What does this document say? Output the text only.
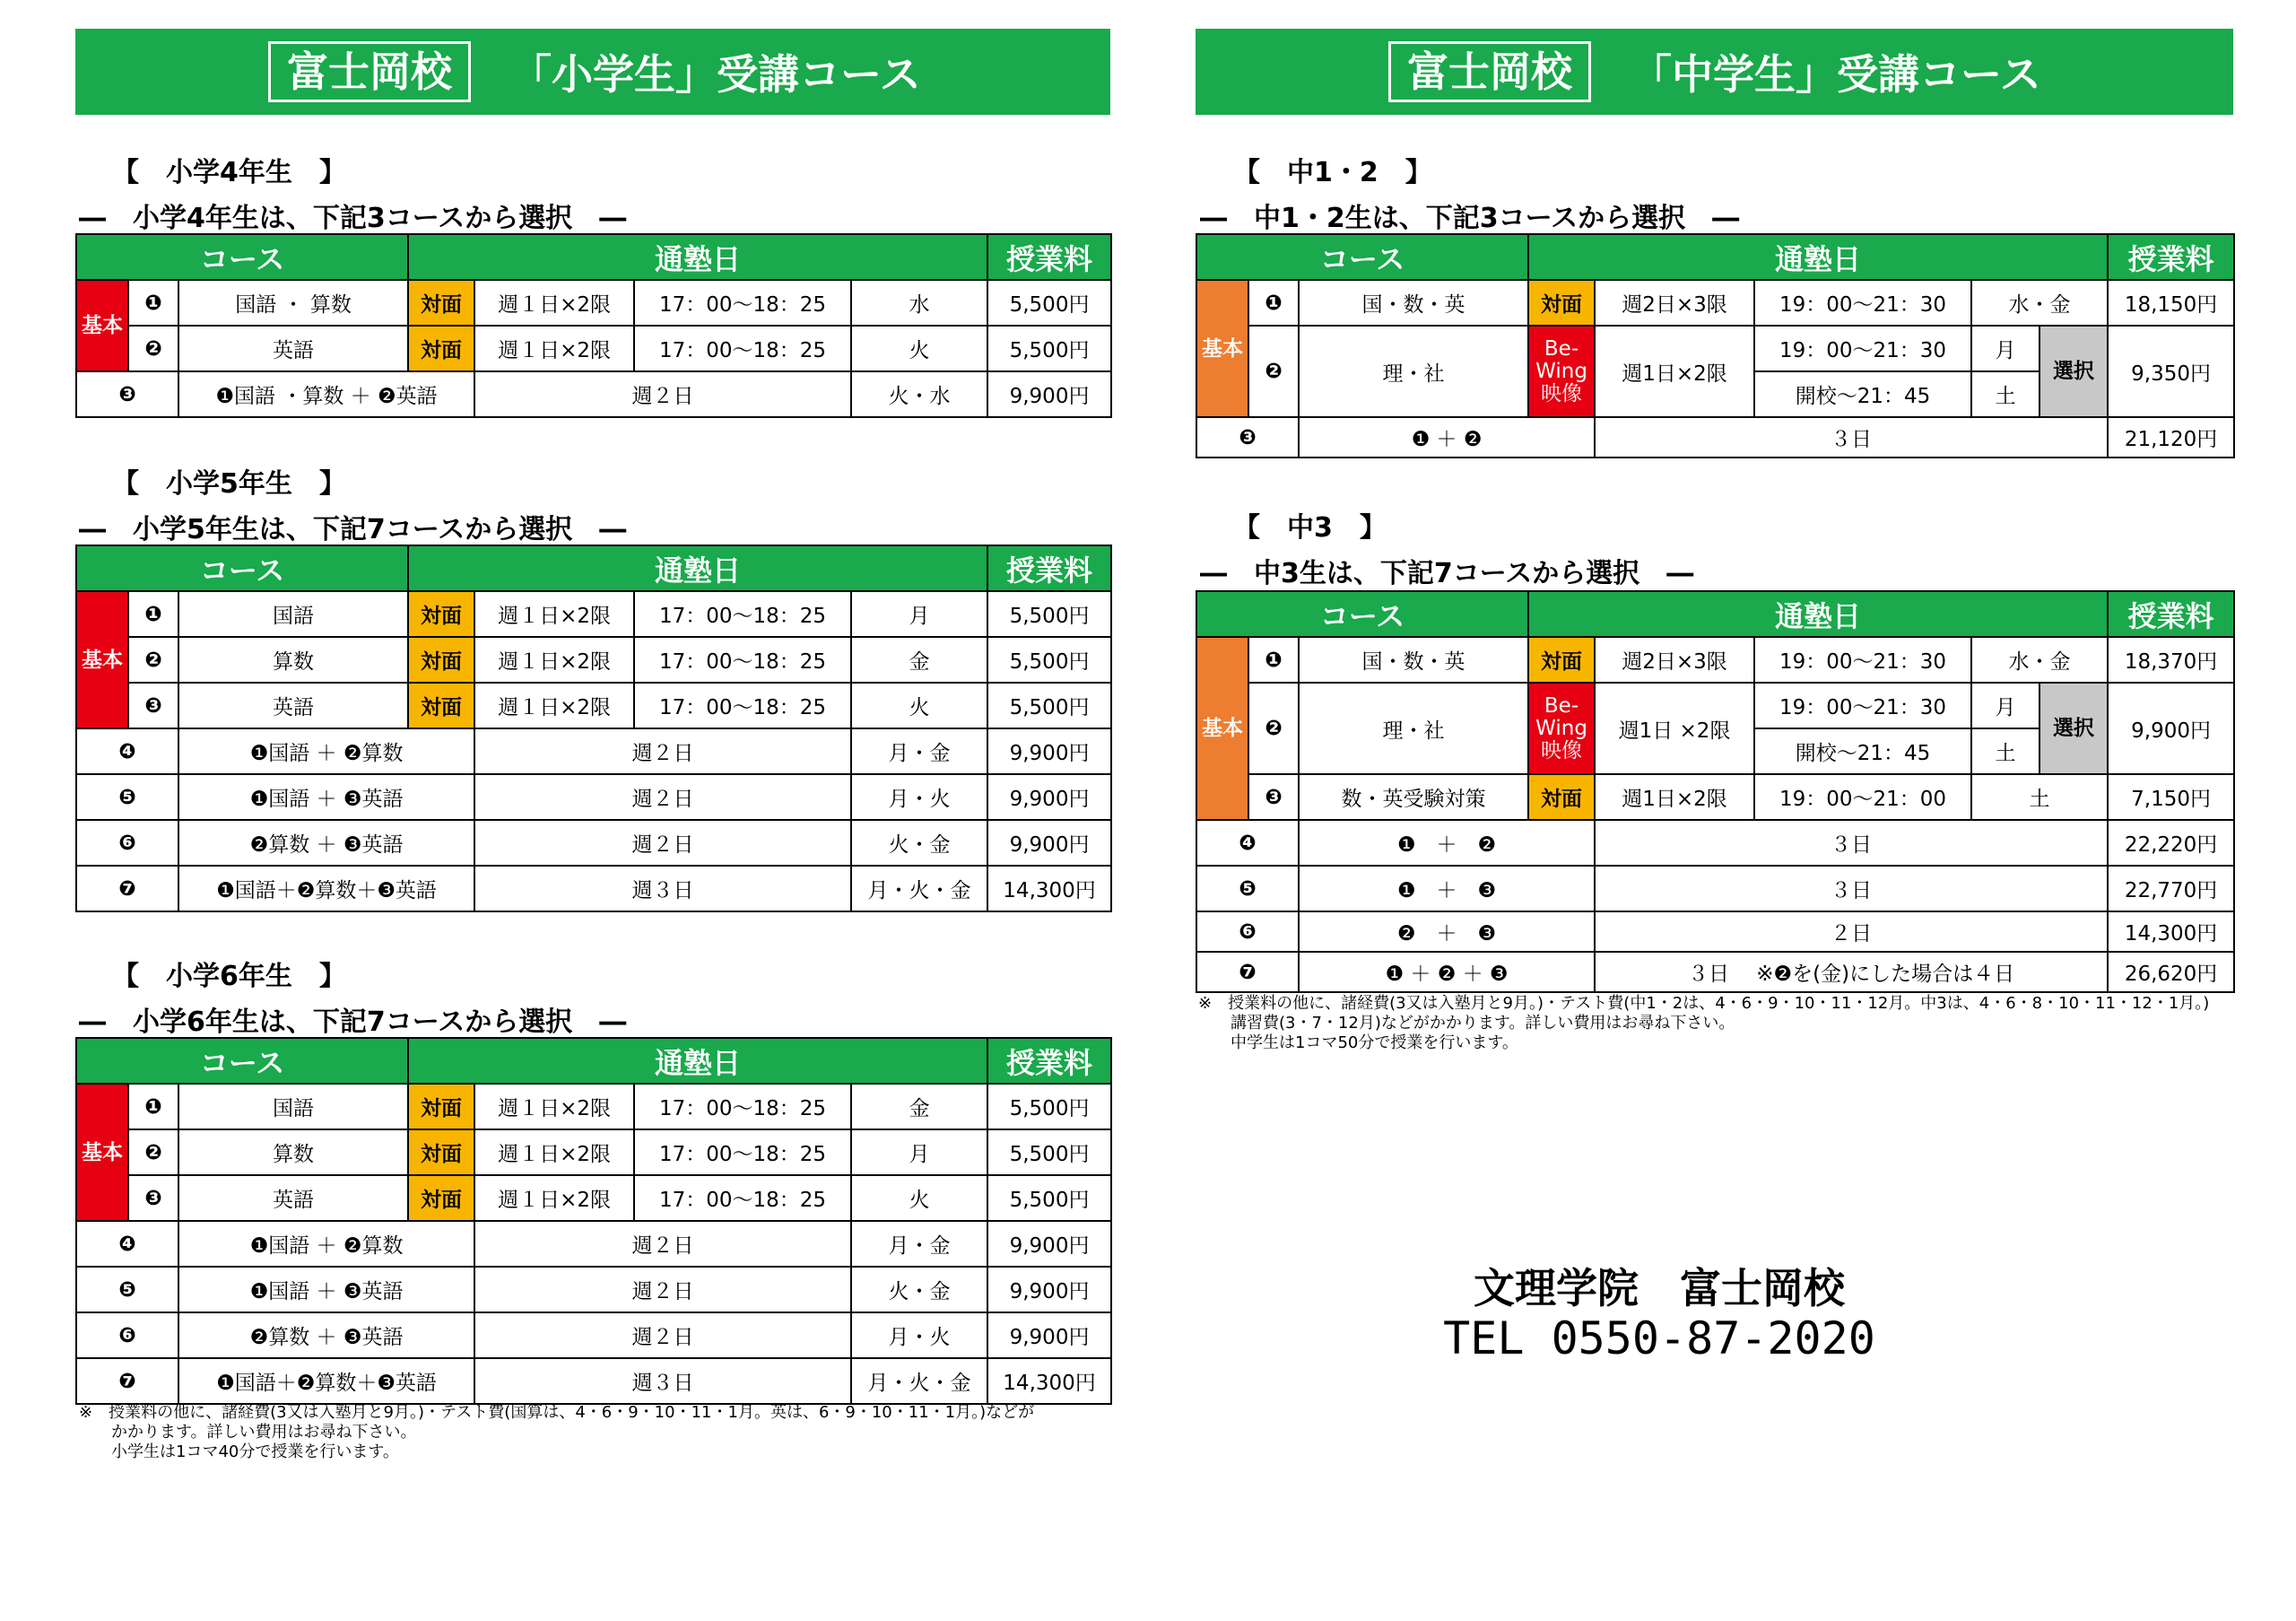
富士岡校	「小学生」受講コース
【　小学4年生　】
―　小学4年生は、下記3コースから選択　―
コース			通塾日				授業料
基本	❶	国語 ・ 算数	対面	週１日×2限	17：00〜18：25	水	5,500円
	❷	英語	対面	週１日×2限	17：00〜18：25	火	5,500円
❸		❶国語 ・算数 ＋ ❷英語		週２日		火・水	9,900円
【　小学5年生　】
―　小学5年生は、下記7コースから選択　―
コース			通塾日				授業料
基本	❶	国語	対面	週１日×2限	17：00〜18：25	月	5,500円
	❷	算数	対面	週１日×2限	17：00〜18：25	金	5,500円
	❸	英語	対面	週１日×2限	17：00〜18：25	火	5,500円
❹		❶国語 ＋ ❷算数		週２日		月・金	9,900円
❺		❶国語 ＋ ❸英語		週２日		月・火	9,900円
❻		❷算数 ＋ ❸英語		週２日		火・金	9,900円
❼		❶国語＋❷算数＋❸英語		週３日		月・火・金	14,300円
【　小学6年生　】
―　小学6年生は、下記7コースから選択　―
コース			通塾日				授業料
基本	❶	国語	対面	週１日×2限	17：00〜18：25	金	5,500円
	❷	算数	対面	週１日×2限	17：00〜18：25	月	5,500円
	❸	英語	対面	週１日×2限	17：00〜18：25	火	5,500円
❹		❶国語 ＋ ❷算数		週２日		月・金	9,900円
❺		❶国語 ＋ ❸英語		週２日		火・金	9,900円
❻		❷算数 ＋ ❸英語		週２日		月・火	9,900円
❼		❶国語＋❷算数＋❸英語		週３日		月・火・金	14,300円
※　授業料の他に、諸経費(3又は入塾月と9月。)・テスト費(国算は、4・6・9・10・11・1月。英は、6・9・10・11・1月。)などが
　　かかります。詳しい費用はお尋ね下さい。
　　小学生は1コマ40分で授業を行います。
富士岡校	「中学生」受講コース
【　中1・2　】
―　中1・2生は、下記3コースから選択　―
コース			通塾日					授業料
基本	❶	国・数・英	対面	週2日×3限	19：00〜21：30	水・金		18,150円
	❷	理・社	Be-Wing映像	週1日×2限	19：00〜21：30	月	選択	9,350円
					開校〜21：45	土		
❸		❶ ＋ ❷		３日				21,120円
【　中3　】
―　中3生は、下記7コースから選択　―
コース			通塾日					授業料
基本	❶	国・数・英	対面	週2日×3限	19：00〜21：30	水・金		18,370円
	❷	理・社	Be-Wing映像	週1日 ×2限	19：00〜21：30	月	選択	9,900円
					開校〜21：45	土		
	❸	数・英受験対策	対面	週1日×2限	19：00〜21：00	土		7,150円
❹		❶　＋　❷		３日				22,220円
❺		❶　＋　❸		３日				22,770円
❻		❷　＋　❸		２日				14,300円
❼		❶ ＋ ❷ ＋ ❸		３日　 ※❷を(金)にした場合は４日				26,620円
※　授業料の他に、諸経費(3又は入塾月と9月。)・テスト費(中1・2は、4・6・9・10・11・12月。中3は、4・6・8・10・11・12・1月。)
　　講習費(3・7・12月)などがかかります。詳しい費用はお尋ね下さい。
　　中学生は1コマ50分で授業を行います。
文理学院　富士岡校
TEL 0550-87-2020
